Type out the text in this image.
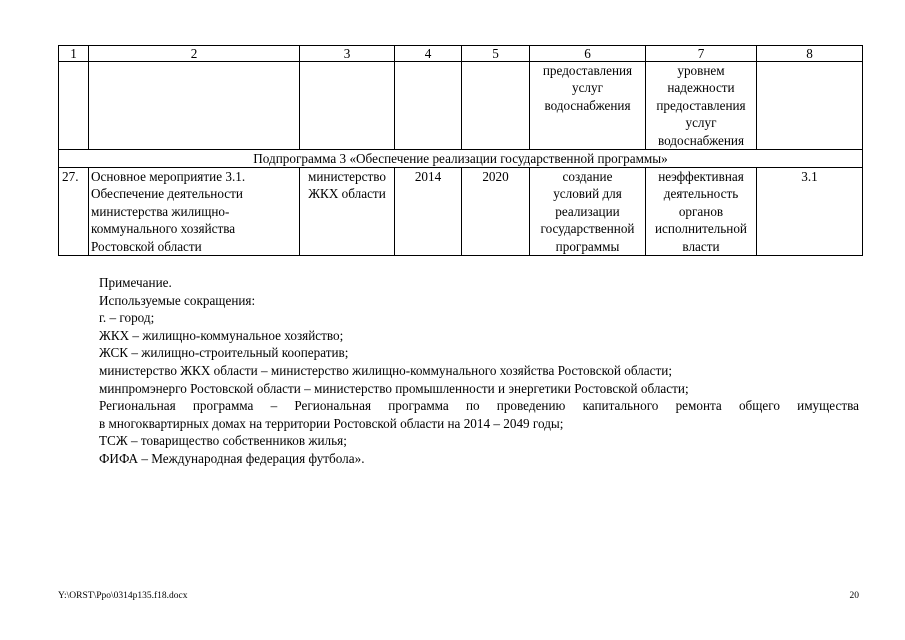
1	2	3	4	5	6	7	8
					предоставления
услуг
водоснабжения	уровнем
надежности
предоставления
услуг
водоснабжения	
Подпрограмма 3 «Обеспечение реализации государственной программы»							
27.	Основное мероприятие 3.1.
Обеспечение деятельности
министерства жилищно-
коммунального хозяйства
Ростовской области	министерство
ЖКХ области	2014	2020	создание
условий для
реализации
государственной
программы	неэффективная
деятельность
органов
исполнительной
власти	3.1

Примечание.

Используемые сокращения:

г. – город;

ЖКХ – жилищно-коммунальное хозяйство;

ЖСК – жилищно-строительный кооператив;

министерство ЖКХ области – министерство жилищно-коммунального хозяйства Ростовской области;

минпромэнерго Ростовской области – министерство промышленности и энергетики Ростовской области;

Региональная программа – Региональная программа по проведению капитального ремонта общего имущества

в многоквартирных домах на территории Ростовской области на 2014 – 2049 годы;

ТСЖ – товарищество собственников жилья;

ФИФА – Международная федерация футбола».

Y:\ORST\Ppo\0314p135.f18.docx	20
